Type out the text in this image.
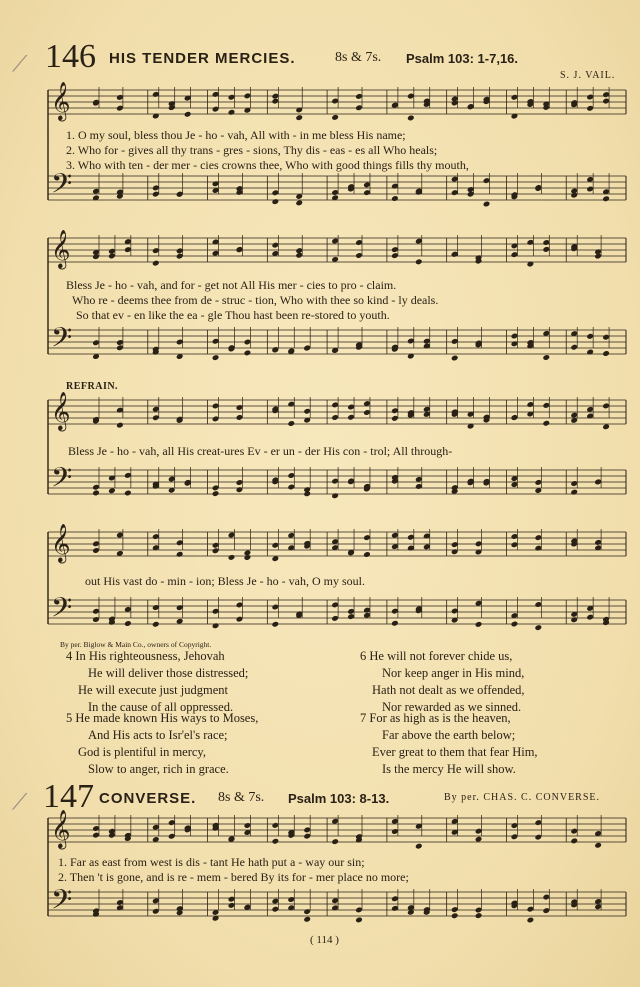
⟋
⟋
146 HIS TENDER MERCIES.	8s & 7s. Psalm 103: 1-7,16.
S. J. VAIL.
𝄞
𝄢
𝄞
𝄢
𝄞
𝄢
𝄞
𝄢
𝄞
𝄢
1. O my soul, bless thou Je - ho - vah, All with - in me bless His name;
2. Who for - gives all thy trans - gres - sions, Thy dis - eas - es all Who heals;
3. Who with ten - der mer - cies crowns thee, Who with good things fills thy mouth,
Bless Je - ho - vah, and for - get not All His mer - cies to pro - claim.
Who re - deems thee from de - struc - tion, Who with thee so kind - ly deals.
So that ev - en like the ea - gle Thou hast been re-stored to youth.
REFRAIN.
Bless Je - ho - vah, all His creat-ures Ev - er un - der His con - trol; All through-
out His vast do - min - ion; Bless Je - ho - vah, O my soul.
By per. Biglow & Main Co., owners of Copyright.
4 In His righteousness, Jehovah
He will deliver those distressed;
He will execute just judgment
In the cause of all oppressed.
5 He made known His ways to Moses,
And His acts to Isr'el's race;
God is plentiful in mercy,
Slow to anger, rich in grace.
6 He will not forever chide us,
Nor keep anger in His mind,
Hath not dealt as we offended,
Nor rewarded as we sinned.
7 For as high as is the heaven,
Far above the earth below;
Ever great to them that fear Him,
Is the mercy He will show.
147 CONVERSE. 8s & 7s. Psalm 103: 8-13.	By per. CHAS. C. CONVERSE.
1. Far as east from west is dis - tant He hath put a - way our sin;
2. Then 't is gone, and is re - mem - bered By its for - mer place no more;
( 114 )
